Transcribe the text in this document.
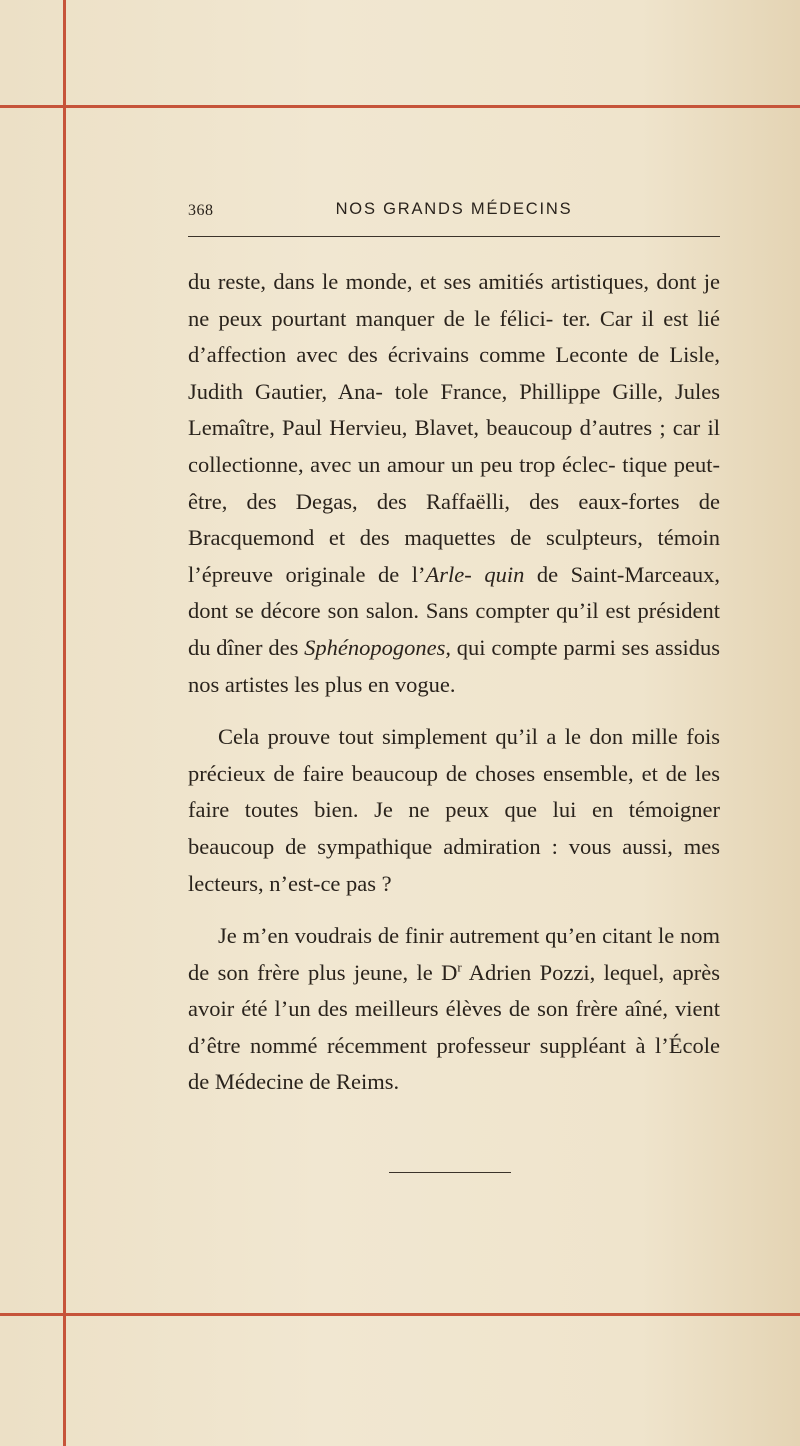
368	NOS GRANDS MÉDECINS

du reste, dans le monde, et ses amitiés artistiques, dont je ne peux pourtant manquer de le félici- ter. Car il est lié d’affection avec des écrivains comme Leconte de Lisle, Judith Gautier, Ana- tole France, Phillippe Gille, Jules Lemaître, Paul Hervieu, Blavet, beaucoup d’autres ; car il collectionne, avec un amour un peu trop éclec- tique peut-être, des Degas, des Raffaëlli, des eaux-fortes de Bracquemond et des maquettes de sculpteurs, témoin l’épreuve originale de l’Arle- quin de Saint-Marceaux, dont se décore son salon. Sans compter qu’il est président du dîner des Sphénopogones, qui compte parmi ses assidus nos artistes les plus en vogue.

Cela prouve tout simplement qu’il a le don mille fois précieux de faire beaucoup de choses ensemble, et de les faire toutes bien. Je ne peux que lui en témoigner beaucoup de sympathique admiration : vous aussi, mes lecteurs, n’est-ce pas ?

Je m’en voudrais de finir autrement qu’en citant le nom de son frère plus jeune, le $D^r$ Adrien Pozzi, lequel, après avoir été l’un des meilleurs élèves de son frère aîné, vient d’être nommé récemment professeur suppléant à l’École de Médecine de Reims.
